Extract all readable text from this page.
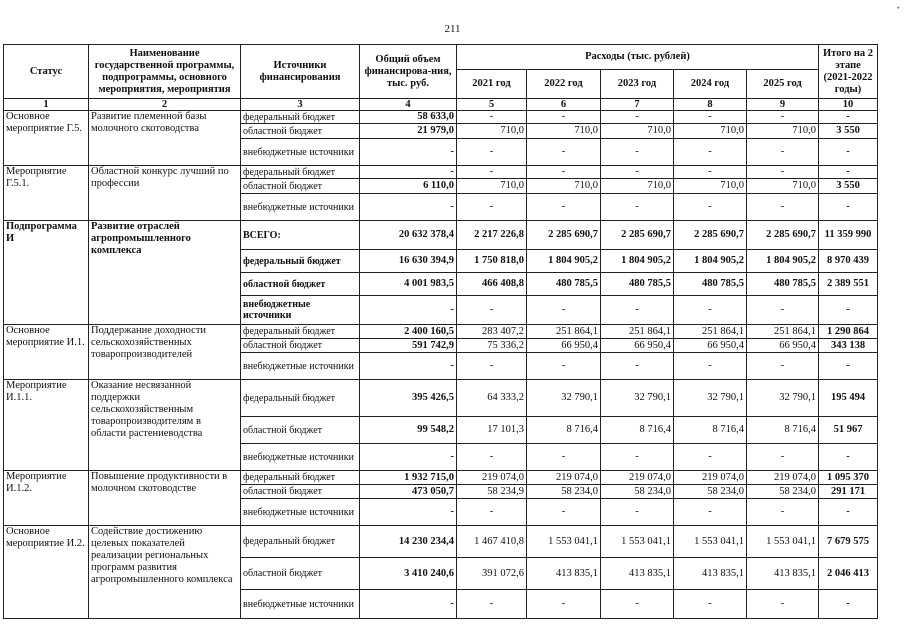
211
·
Статус	Наименование государственной программы, подпрограммы, основного мероприятия, мероприятия	Источники финансирования	Общий объем финансирова-ния, тыс. руб.	Расходы (тыс. рублей)					Итого на 2 этапе (2021-2022 годы)
				2021 год	2022 год	2023 год	2024 год	2025 год	
1	2	3	4	5	6	7	8	9	10
Основное мероприятие Г.5.	Развитие племенной базы молочного скотоводства	федеральный бюджет	58 633,0	-	-	-	-	-	-
		областной бюджет	21 979,0	710,0	710,0	710,0	710,0	710,0	3 550
		внебюджетные источники	-	-	-	-	-	-	-
Мероприятие Г.5.1.	Областной конкурс лучший по профессии	федеральный бюджет	-	-	-	-	-	-	-
		областной бюджет	6 110,0	710,0	710,0	710,0	710,0	710,0	3 550
		внебюджетные источники	-	-	-	-	-	-	-
Подпрограмма И	Развитие отраслей агропромышленного комплекса	ВСЕГО:	20 632 378,4	2 217 226,8	2 285 690,7	2 285 690,7	2 285 690,7	2 285 690,7	11 359 990
		федеральный бюджет	16 630 394,9	1 750 818,0	1 804 905,2	1 804 905,2	1 804 905,2	1 804 905,2	8 970 439
		областной бюджет	4 001 983,5	466 408,8	480 785,5	480 785,5	480 785,5	480 785,5	2 389 551
		внебюджетные источники	-	-	-	-	-	-	-
Основное мероприятие И.1.	Поддержание доходности сельскохозяйственных товаропроизводителей	федеральный бюджет	2 400 160,5	283 407,2	251 864,1	251 864,1	251 864,1	251 864,1	1 290 864
		областной бюджет	591 742,9	75 336,2	66 950,4	66 950,4	66 950,4	66 950,4	343 138
		внебюджетные источники	-	-	-	-	-	-	-
Мероприятие И.1.1.	Оказание несвязанной поддержки сельскохозяйственным товаропроизводителям в области растениеводства	федеральный бюджет	395 426,5	64 333,2	32 790,1	32 790,1	32 790,1	32 790,1	195 494
		областной бюджет	99 548,2	17 101,3	8 716,4	8 716,4	8 716,4	8 716,4	51 967
		внебюджетные источники	-	-	-	-	-	-	-
Мероприятие И.1.2.	Повышение продуктивности в молочном скотоводстве	федеральный бюджет	1 932 715,0	219 074,0	219 074,0	219 074,0	219 074,0	219 074,0	1 095 370
		областной бюджет	473 050,7	58 234,9	58 234,0	58 234,0	58 234,0	58 234,0	291 171
		внебюджетные источники	-	-	-	-	-	-	-
Основное мероприятие И.2.	Содействие достижению целевых показателей реализации региональных программ развития агропромышленного комплекса	федеральный бюджет	14 230 234,4	1 467 410,8	1 553 041,1	1 553 041,1	1 553 041,1	1 553 041,1	7 679 575
		областной бюджет	3 410 240,6	391 072,6	413 835,1	413 835,1	413 835,1	413 835,1	2 046 413
		внебюджетные источники	-	-	-	-	-	-	-
